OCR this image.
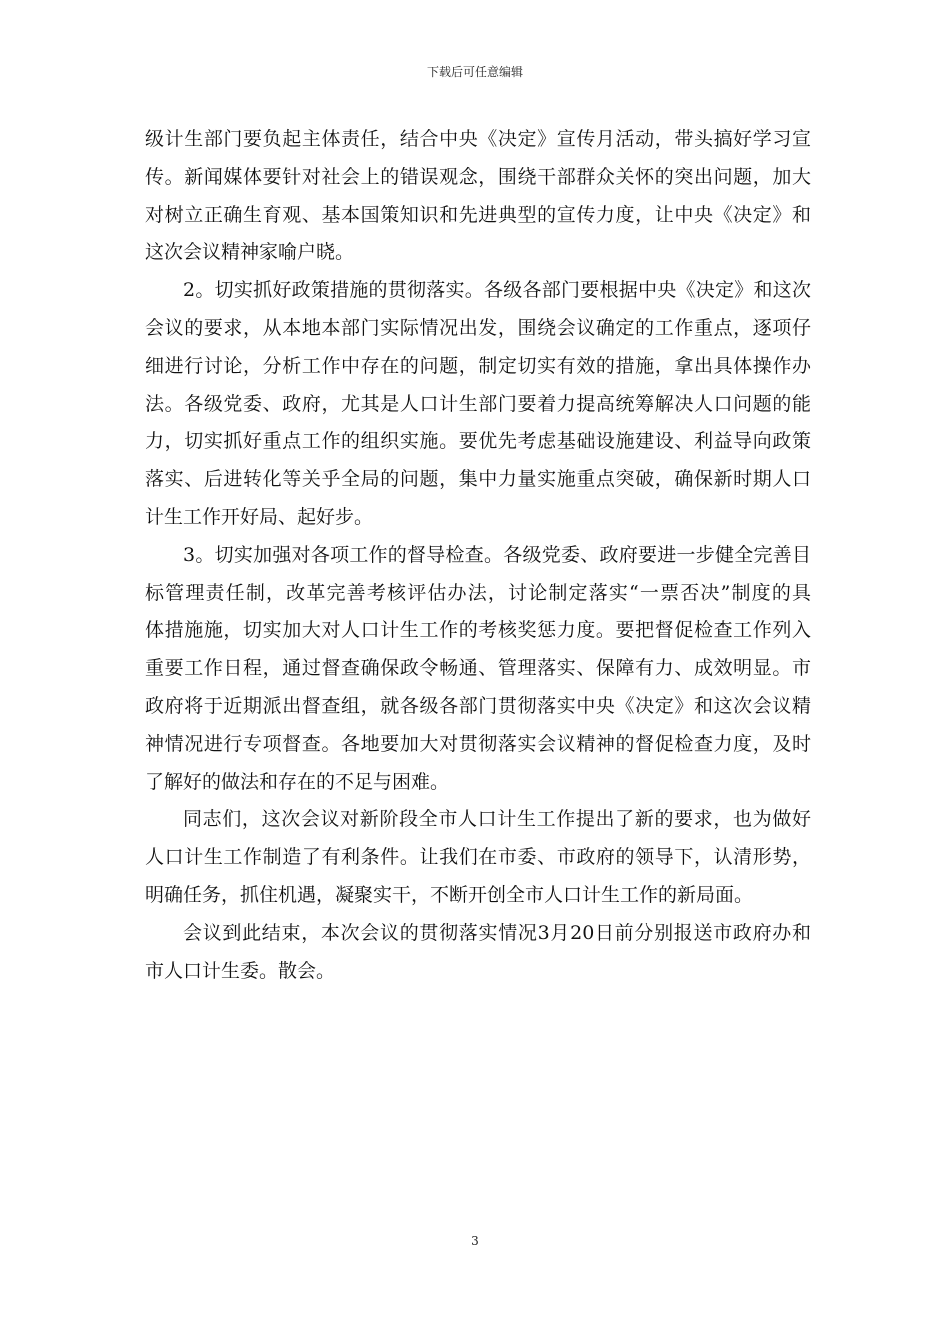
下载后可任意编辑
级计生部门要负起主体责任，结合中央《决定》宣传月活动，带头搞好学习宣
传。新闻媒体要针对社会上的错误观念，围绕干部群众关怀的突出问题，加大
对树立正确生育观、基本国策知识和先进典型的宣传力度，让中央《决定》和
这次会议精神家喻户晓。
2。切实抓好政策措施的贯彻落实。各级各部门要根据中央《决定》和这次
会议的要求，从本地本部门实际情况出发，围绕会议确定的工作重点，逐项仔
细进行讨论，分析工作中存在的问题，制定切实有效的措施，拿出具体操作办
法。各级党委、政府，尤其是人口计生部门要着力提高统筹解决人口问题的能
力，切实抓好重点工作的组织实施。要优先考虑基础设施建设、利益导向政策
落实、后进转化等关乎全局的问题，集中力量实施重点突破，确保新时期人口
计生工作开好局、起好步。
3。切实加强对各项工作的督导检查。各级党委、政府要进一步健全完善目
标管理责任制，改革完善考核评估办法，讨论制定落实“一票否决”制度的具
体措施施，切实加大对人口计生工作的考核奖惩力度。要把督促检查工作列入
重要工作日程，通过督查确保政令畅通、管理落实、保障有力、成效明显。市
政府将于近期派出督查组，就各级各部门贯彻落实中央《决定》和这次会议精
神情况进行专项督查。各地要加大对贯彻落实会议精神的督促检查力度，及时
了解好的做法和存在的不足与困难。
同志们，这次会议对新阶段全市人口计生工作提出了新的要求，也为做好
人口计生工作制造了有利条件。让我们在市委、市政府的领导下，认清形势，
明确任务，抓住机遇，凝聚实干，不断开创全市人口计生工作的新局面。
会议到此结束，本次会议的贯彻落实情况3月20日前分别报送市政府办和
市人口计生委。散会。
3
